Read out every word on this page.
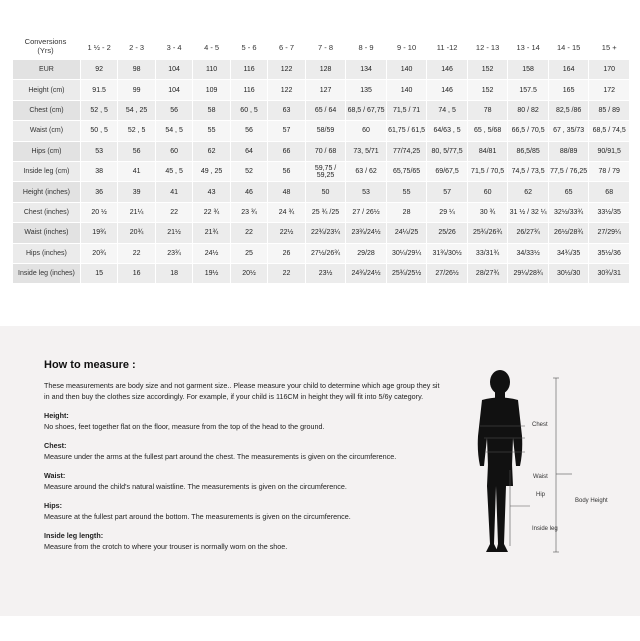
	1 ½ - 2	2 - 3	3 - 4	4 - 5	5 - 6	6 - 7	7 - 8	8 - 9	9 - 10	11 -12	12 - 13	13 - 14	14 - 15	15 +
EUR	92	98	104	110	116	122	128	134	140	146	152	158	164	170
Height (cm)	91.5	99	104	109	116	122	127	135	140	146	152	157.5	165	172
Chest (cm)	52 , 5	54 , 25	56	58	60 , 5	63	65 / 64	68,5 / 67,75	71,5 / 71	74 , 5	78	80 / 82	82,5 /86	85 / 89
Waist (cm)	50 , 5	52 , 5	54 , 5	55	56	57	58/59	60	61,75 / 61,5	64/63 , 5	65 , 5/68	66,5 / 70,5	67 , 35/73	68,5 / 74,5
Hips (cm)	53	56	60	62	64	66	70 / 68	73, 5/71	77/74,25	80, 5/77,5	84/81	86,5/85	88/89	90/91,5
Inside leg (cm)	38	41	45 , 5	49 , 25	52	56	59,75 / 59,25	63 / 62	65,75/65	69/67,5	71,5 / 70,5	74,5 / 73,5	77,5 / 76,25	78 / 79
Height (inches)	36	39	41	43	46	48	50	53	55	57	60	62	65	68
Chest (inches)	20 ½	21¼	22	22 ¾	23 ¾	24 ¾	25 ¾ /25	27 / 26½	28	29 ¼	30 ¾	31 ½ / 32 ¼	32½/33¾	33½/35
Waist (inches)	19¾	20¾	21½	21¾	22	22½	22¾/23¼	23¾/24½	24¼/25	25/26	25¾/26¾	26/27¾	26½/28¾	27/29¼
Hips (inches)	20¾	22	23¾	24½	25	26	27½/26¾	29/28	30¼/29¼	31¾/30½	33/31¾	34/33½	34¾/35	35½/36
Inside leg (inches)	15	16	18	19½	20½	22	23½	24¾/24½	25¾/25½	27/26½	28/27¾	29¼/28¾	30½/30	30¾/31
Conversions
(Yrs)
How to measure :

These measurements are body size and not garment size.. Please measure your child to determine which age group they sit in and then buy the clothes size accordingly. For example, if your child is 116CM in height they will fit into 5/6y category.

Height:
No shoes, feet together flat on the floor, measure from the top of the head to the ground.
Chest:
Measure under the arms at the fullest part around the chest. The measurements is given on the circumference.
Waist:
Measure around the child's natural waistline. The measurements is given on the circumference.
Hips:
Measure at the fullest part around the bottom. The measurements is given on the circumference.
Inside leg length:
Measure from the crotch to where your trouser is normally worn on the shoe.
Chest
Waist
Hip
Inside leg
Body Height
